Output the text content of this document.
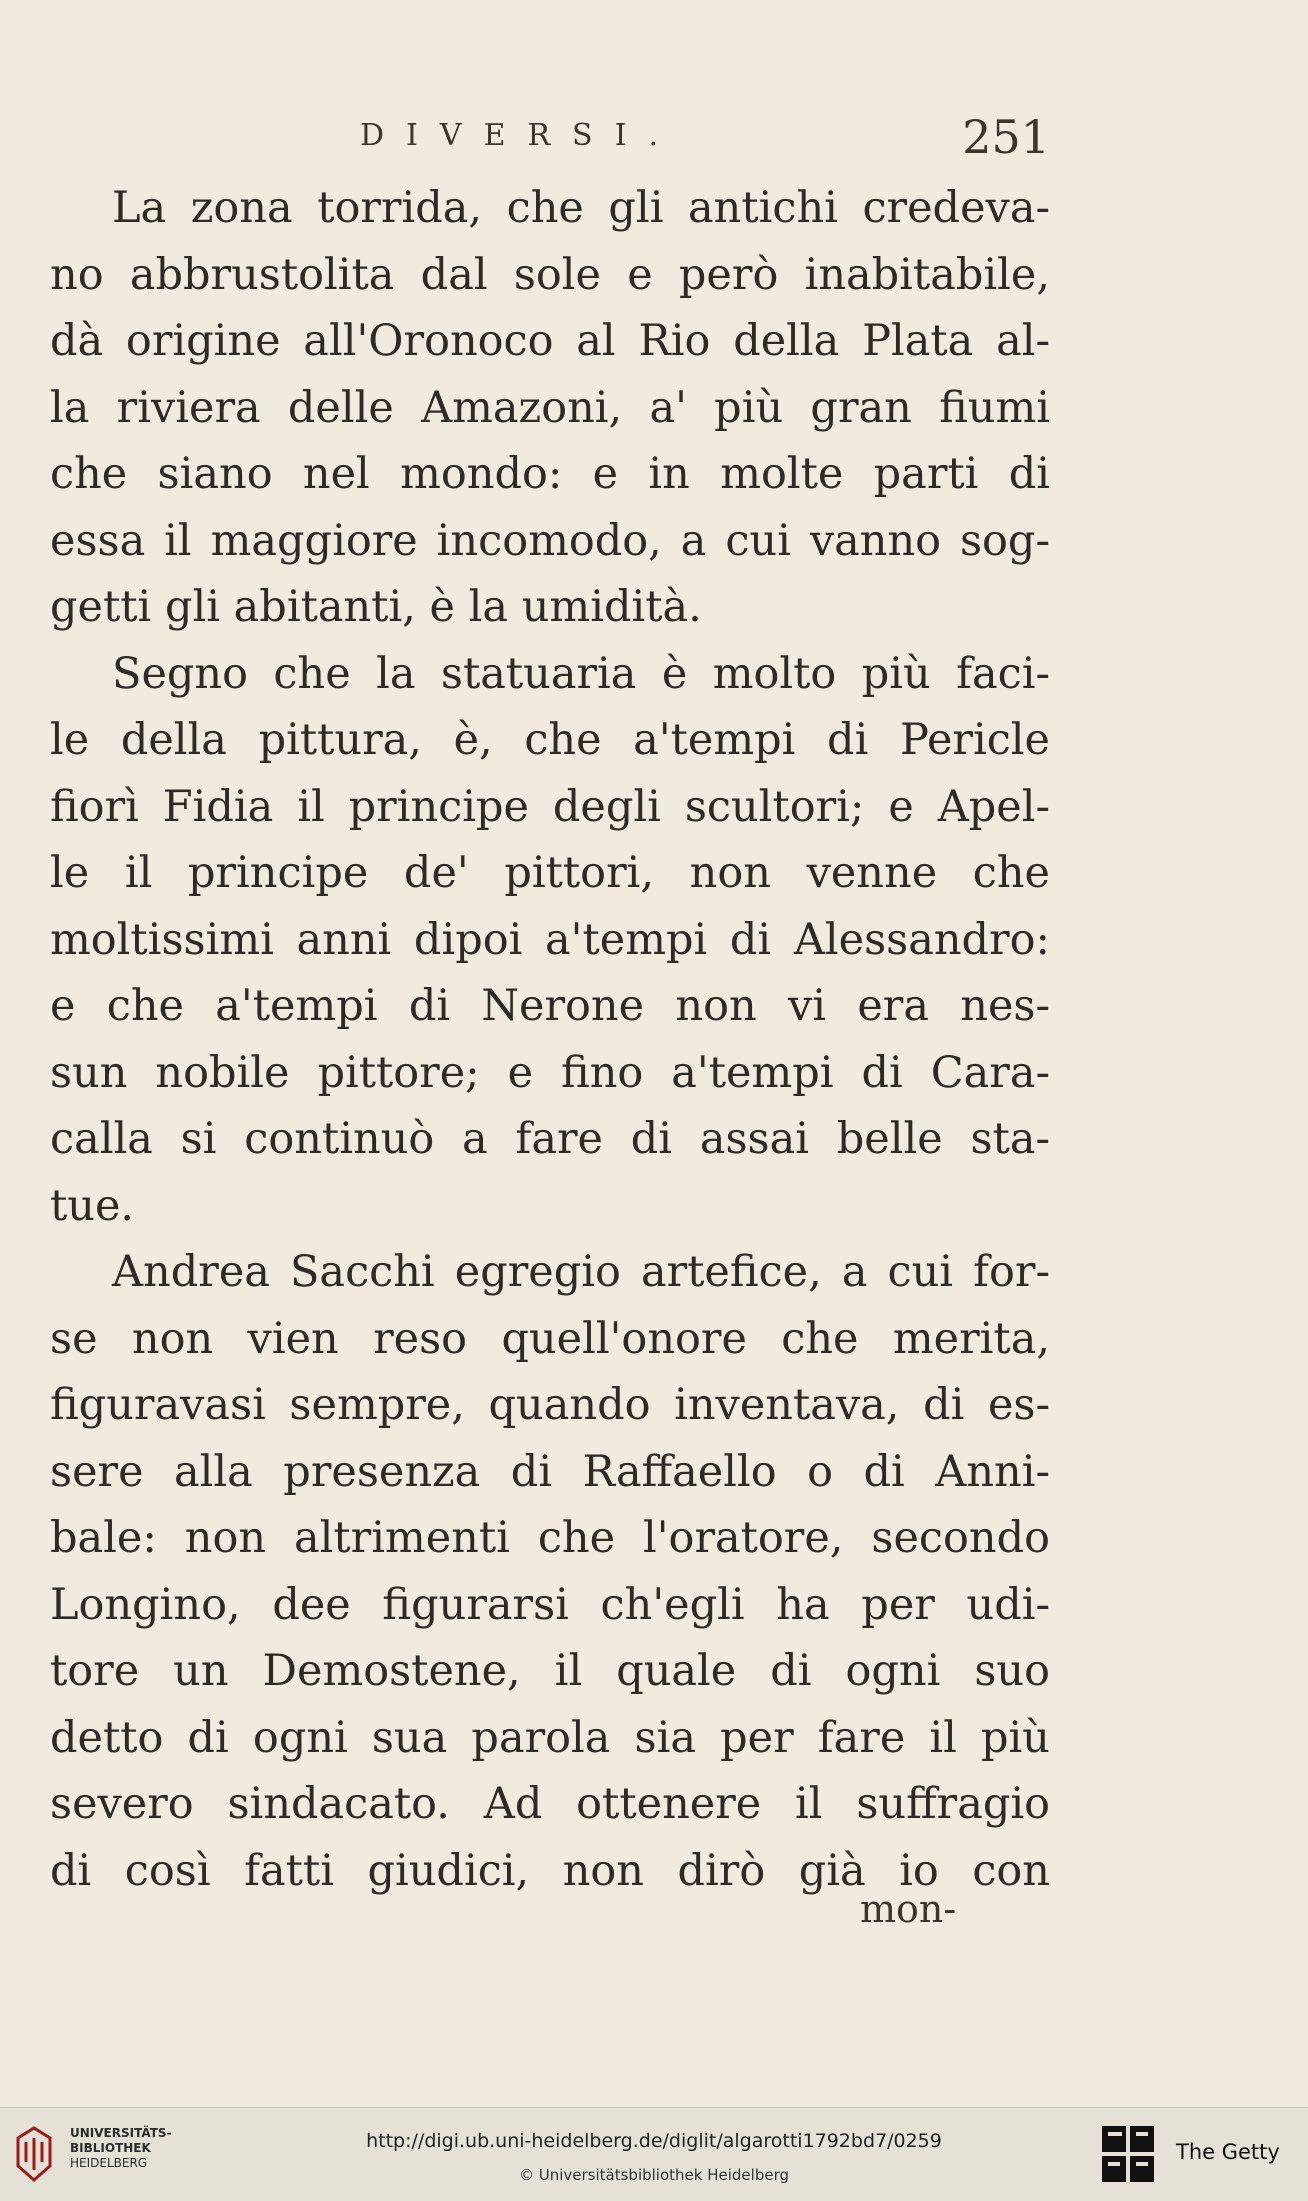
DIVERSI.	251
La zona torrida, che gli antichi credeva-
no abbrustolita dal sole e però inabitabile,
dà origine all'Oronoco al Rio della Plata al-
la riviera delle Amazoni, a' più gran fiumi
che siano nel mondo: e in molte parti di
essa il maggiore incomodo, a cui vanno sog-
getti gli abitanti, è la umidità.
Segno che la statuaria è molto più faci-
le della pittura, è, che a'tempi di Pericle
fiorì Fidia il principe degli scultori; e Apel-
le il principe de' pittori, non venne che
moltissimi anni dipoi a'tempi di Alessandro:
e che a'tempi di Nerone non vi era nes-
sun nobile pittore; e fino a'tempi di Cara-
calla si continuò a fare di assai belle sta-
tue.
Andrea Sacchi egregio artefice, a cui for-
se non vien reso quell'onore che merita,
figuravasi sempre, quando inventava, di es-
sere alla presenza di Raffaello o di Anni-
bale: non altrimenti che l'oratore, secondo
Longino, dee figurarsi ch'egli ha per udi-
tore un Demostene, il quale di ogni suo
detto di ogni sua parola sia per fare il più
severo sindacato. Ad ottenere il suffragio
di così fatti giudici, non dirò già io con
mon-
UNIVERSITÄTS-
BIBLIOTHEK
HEIDELBERG
http://digi.ub.uni-heidelberg.de/diglit/algarotti1792bd7/0259
© Universitätsbibliothek Heidelberg
The Getty
